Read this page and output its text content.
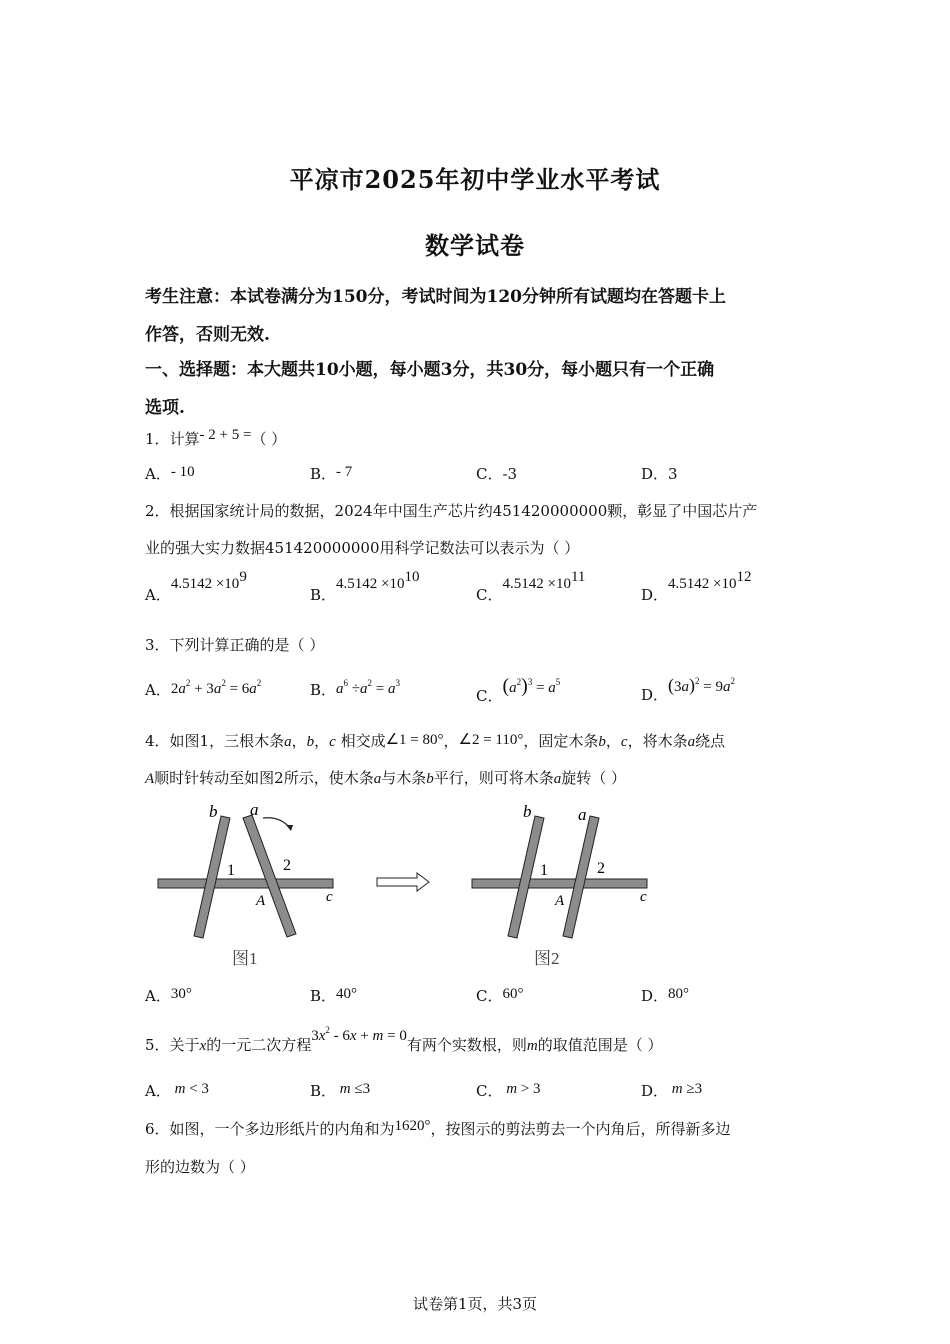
平凉市2025年初中学业水平考试
数学试卷
考生注意：本试卷满分为150分，考试时间为120分钟所有试题均在答题卡上
作答，否则无效.
一、选择题：本大题共10小题，每小题3分，共30分，每小题只有一个正确
选项.
1．计算- 2 + 5 =（ ）
A．- 10	B．- 7	C．-3	D．3
2．根据国家统计局的数据，2024年中国生产芯片约451420000000颗，彰显了中国芯片产
业的强大实力数据451420000000用科学记数法可以表示为（ ）
A．$4.5142 \times 10^9$
B．$4.5142 \times 10^{10}$
C．$4.5142 \times 10^{11}$
D．$4.5142 \times 10^{12}$
3．下列计算正确的是（ ）
A．$2a^2 + 3a^2 = 6a^2$	B．$a^6 \div a^2 = a^3$
C．$(a^2)^3 = a^5$
D．$(3a)^2 = 9a^2$
4．如图1，三根木条a，b，c 相交成∠1 = 80°，∠2 = 110°，固定木条b，c，将木条a绕点
A顺时针转动至如图2所示，使木条a与木条b平行，则可将木条a旋转（ ）
b a
1	2
A	c
图1
b	a
1	2
A	c
图2
A．30°	B．40°	C．60°	D．80°
5．关于x的一元二次方程$3x^2 - 6x + m = 0$有两个实数根，则m的取值范围是（ ）
A． m < 3	B． m ≤3	C． m > 3	D． m ≥3
6．如图，一个多边形纸片的内角和为1620°，按图示的剪法剪去一个内角后，所得新多边
形的边数为（ ）
试卷第1页，共3页
